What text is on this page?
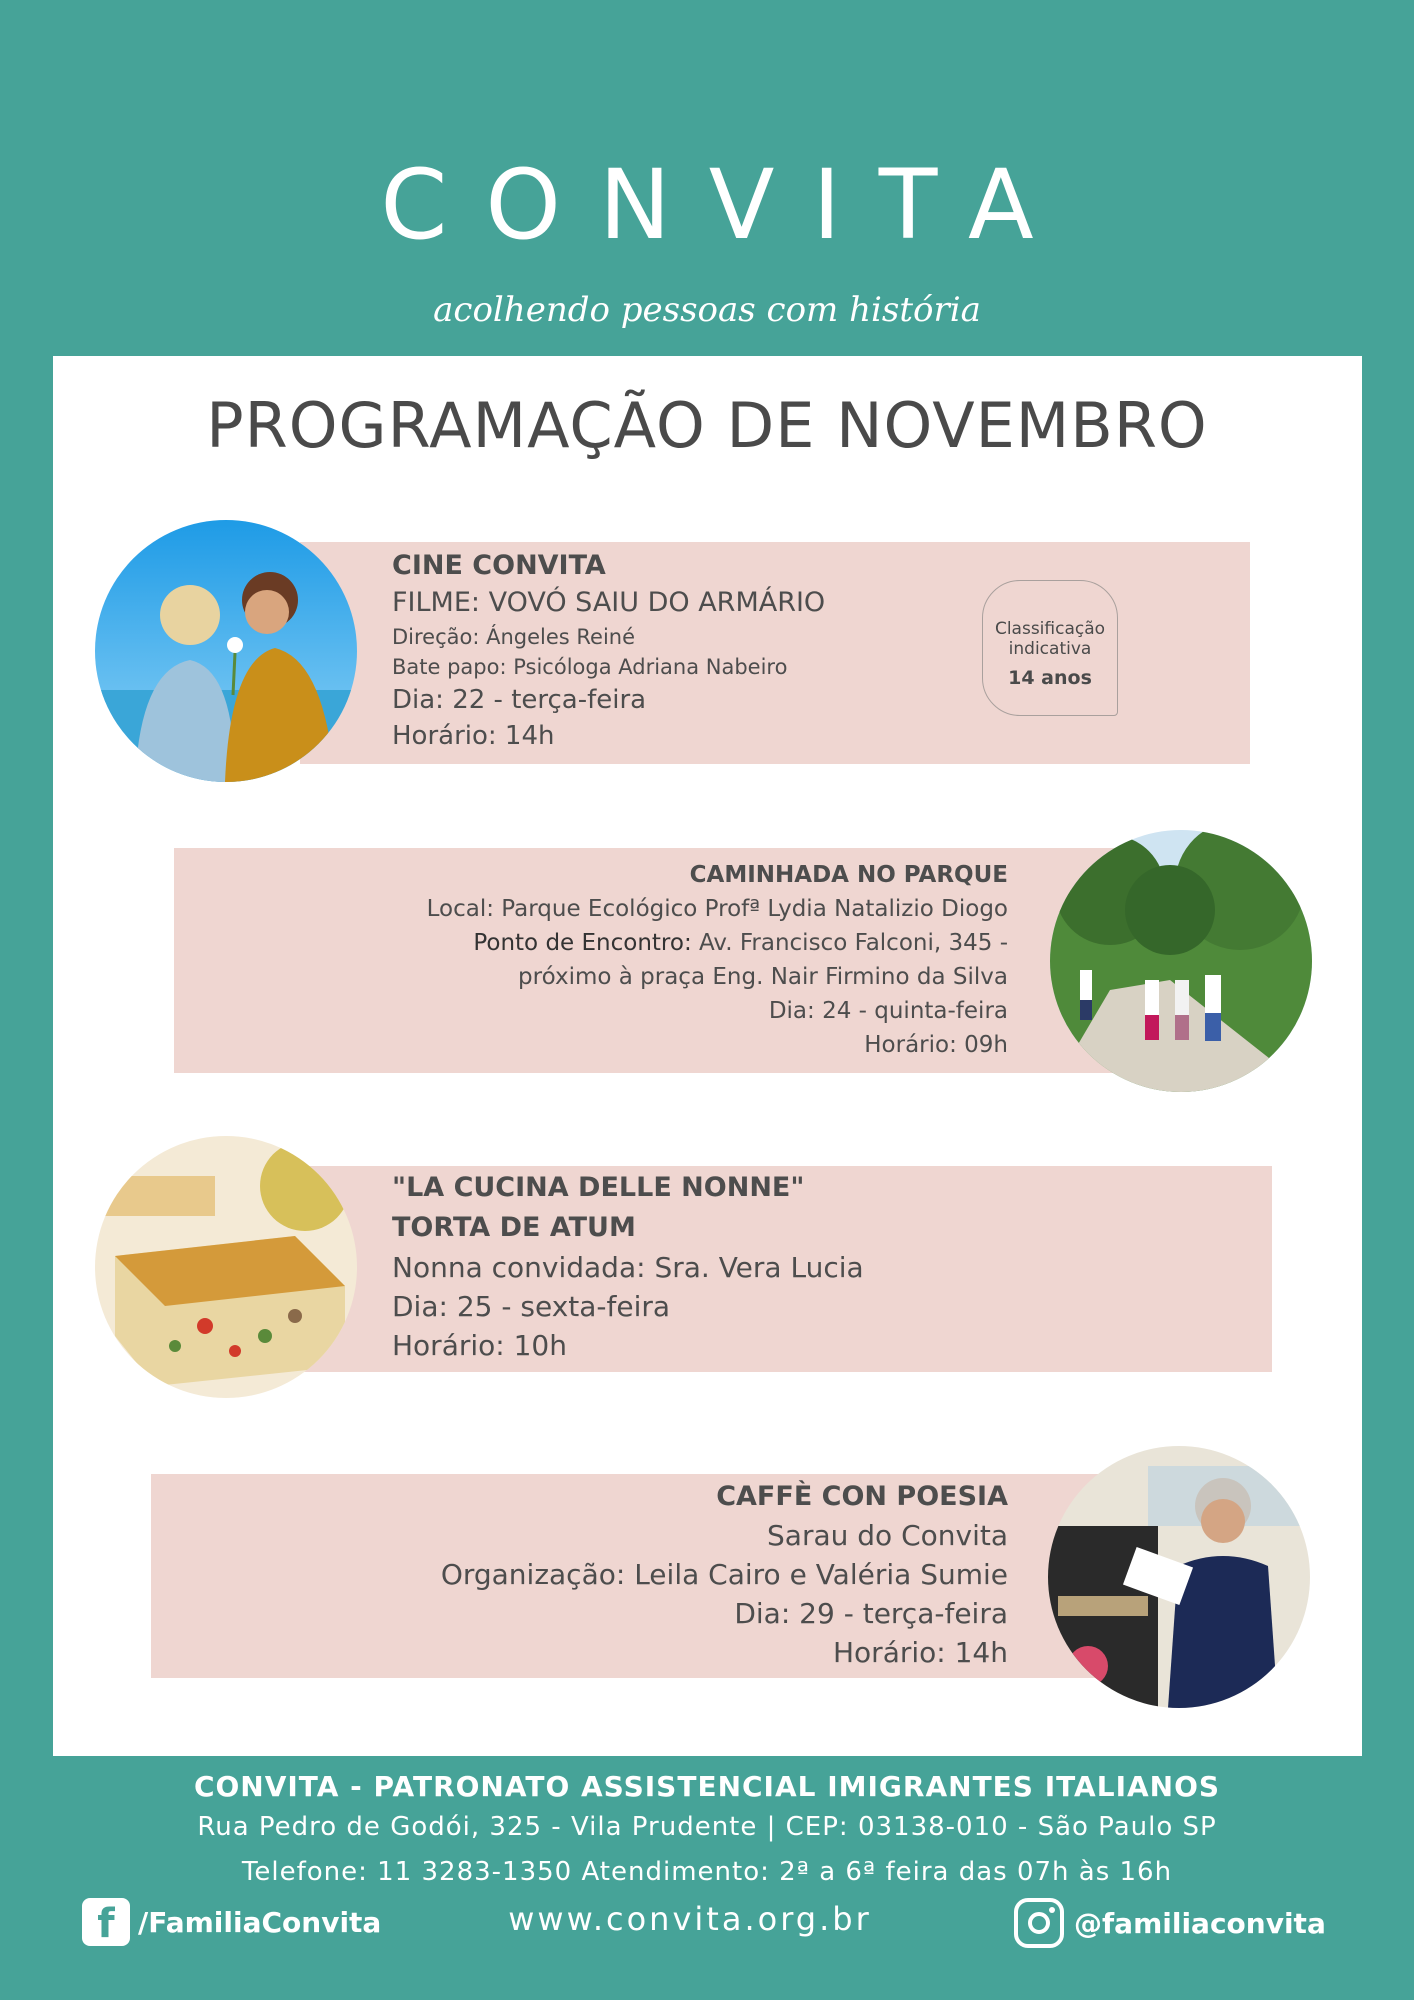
CONVITA
acolhendo pessoas com história
PROGRAMAÇÃO DE NOVEMBRO
CINE CONVITA
FILME: VOVÓ SAIU DO ARMÁRIO
Direção: Ángeles Reiné
Bate papo: Psicóloga Adriana Nabeiro
Dia: 22 - terça-feira
Horário: 14h
Classificação
indicativa
14 anos
CAMINHADA NO PARQUE
Local: Parque Ecológico Profª Lydia Natalizio Diogo
Ponto de Encontro: Av. Francisco Falconi, 345 -
próximo à praça Eng. Nair Firmino da Silva
Dia: 24 - quinta-feira
Horário: 09h
"LA CUCINA DELLE NONNE"
TORTA DE ATUM
Nonna convidada: Sra. Vera Lucia
Dia: 25 - sexta-feira
Horário: 10h
CAFFÈ CON POESIA
Sarau do Convita
Organização: Leila Cairo e Valéria Sumie
Dia: 29 - terça-feira
Horário: 14h
CONVITA - PATRONATO ASSISTENCIAL IMIGRANTES ITALIANOS
Rua Pedro de Godói, 325 - Vila Prudente | CEP: 03138-010 - São Paulo SP
Telefone: 11 3283-1350 Atendimento: 2ª a 6ª feira das 07h às 16h
f /FamiliaConvita	www.convita.org.br	@familiaconvita
